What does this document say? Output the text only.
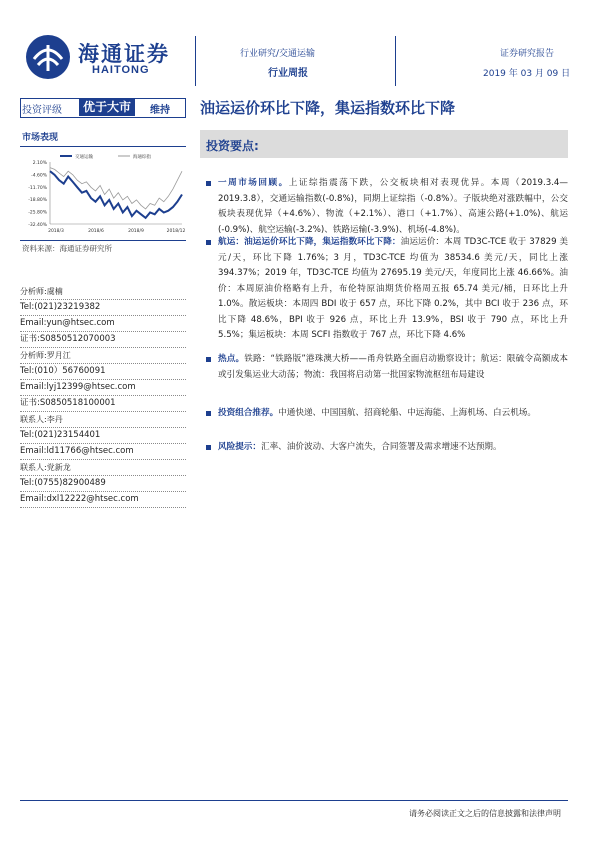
海通证券
HAITONG
行业研究/交通运输
行业周报
证券研究报告
2019 年 03 月 09 日
投资评级	优于大市	维持 油运运价环比下降，集运指数环比下降
市场表现
2.10%
-4.60%
-11.70%
-18.80%
-25.80%
-32.40%
2018/3	2018/6	2018/9	2018/12
交通运输	海通综指
资料来源：海通证券研究所
分析师:虞楠
Tel:(021)23219382
Email:yun@htsec.com
证书:S0850512070003
分析师:罗月江
Tel:(010）56760091
Email:lyj12399@htsec.com
证书:S0850518100001
联系人:李丹
Tel:(021)23154401
Email:ld11766@htsec.com
联系人:党新龙
Tel:(0755)82900489
Email:dxl12222@htsec.com
投资要点:
一周市场回顾。上证综指震荡下跌，公交板块相对表现优异。本周（2019.3.4—2019.3.8），交通运输指数(-0.8%)，同期上证综指（-0.8%）。子版块绝对涨跌幅中，公交板块表现优异（+4.6%）、物流（+2.1%）、港口（+1.7%）、高速公路(+1.0%)、航运(-0.9%)、航空运输(-3.2%)、铁路运输(-3.9%)、机场(-4.8%)。
航运：油运运价环比下降，集运指数环比下降：油运运价：本周 TD3C-TCE 收于 37829 美元/天，环比下降 1.76%；3 月，TD3C-TCE 均值为 38534.6 美元/天，同比上涨 394.37%；2019 年，TD3C-TCE 均值为 27695.19 美元/天，年度同比上涨 46.66%。油价：本周原油价格略有上升，布伦特原油期货价格周五报 65.74 美元/桶，日环比上升 1.0%。散运板块：本周四 BDI 收于 657 点，环比下降 0.2%，其中 BCI 收于 236 点，环比下降 48.6%，BPI 收于 926 点，环比上升 13.9%，BSI 收于 790 点，环比上升 5.5%；集运板块：本周 SCFI 指数收于 767 点，环比下降 4.6%
热点。铁路：“铁路版”港珠澳大桥——甬舟铁路全面启动勘察设计；航运：限硫令高额成本或引发集运业大动荡；物流：我国将启动第一批国家物流枢纽布局建设
投资组合推荐。中通快递、中国国航、招商轮船、中远海能、上海机场、白云机场。
风险提示：汇率、油价波动、大客户流失，合同签署及需求增速不达预期。
请务必阅读正文之后的信息披露和法律声明
